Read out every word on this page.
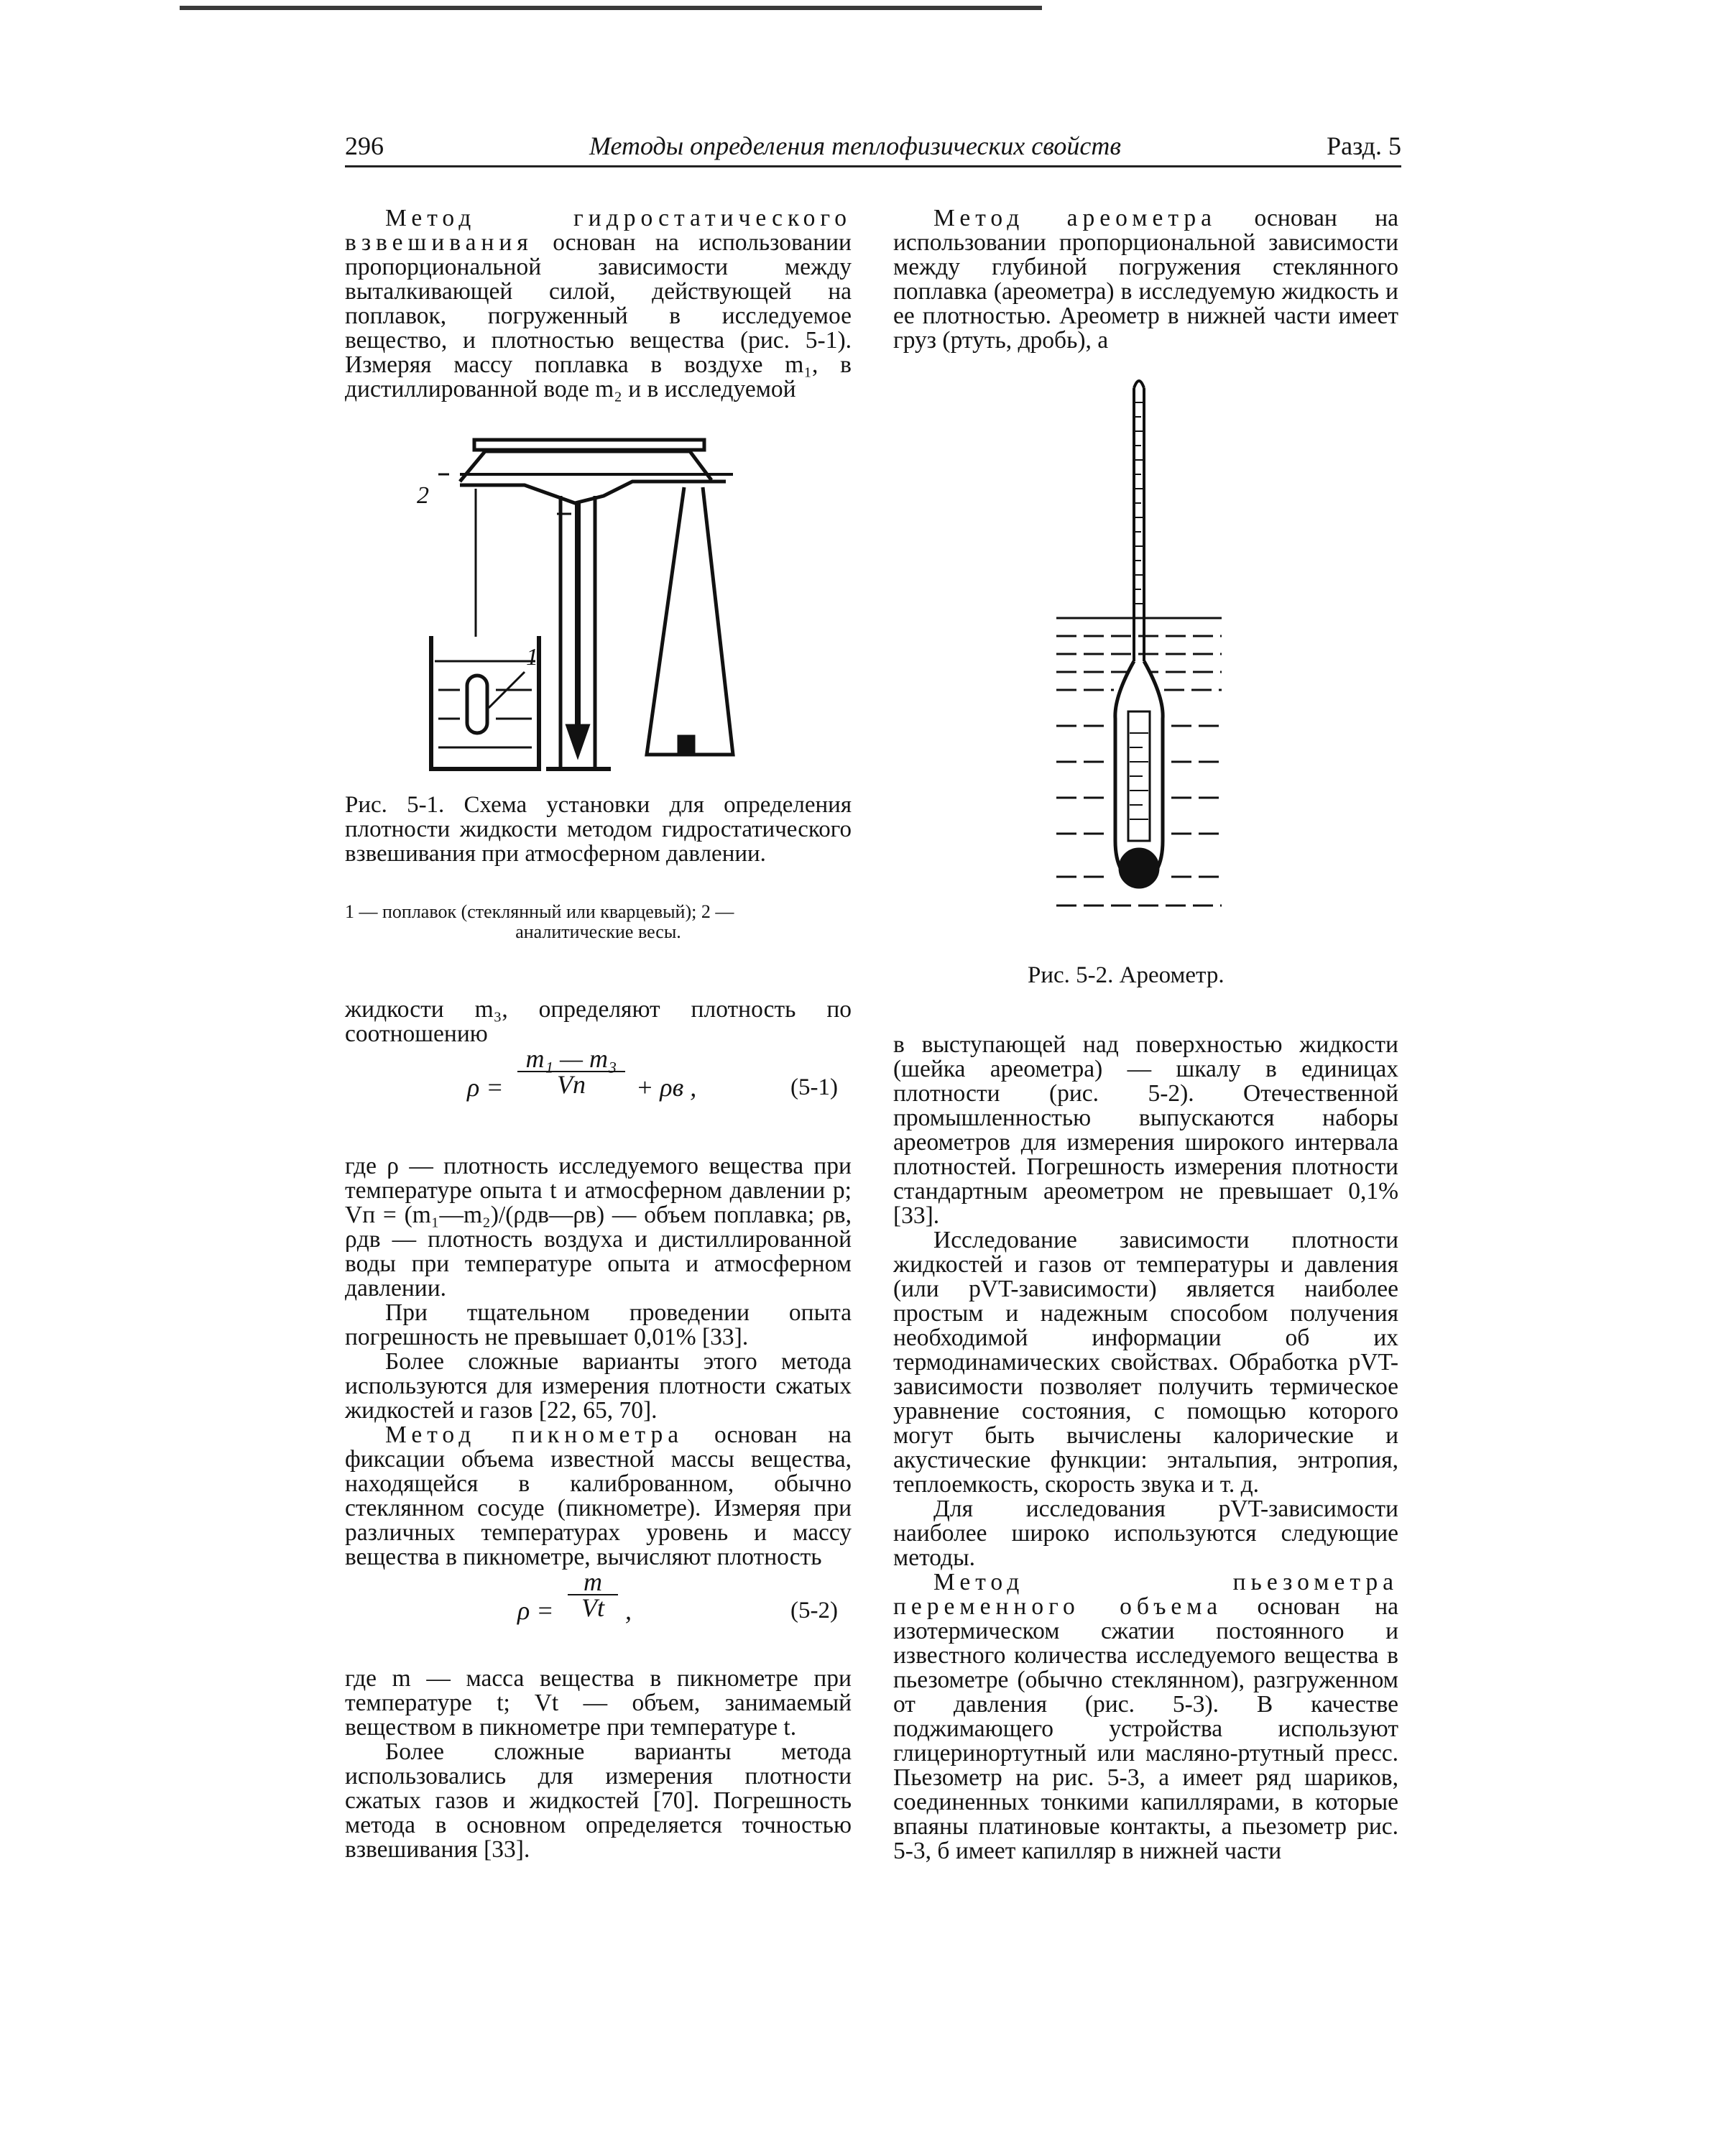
296	Методы определения теплофизических свойств	Разд. 5

Метод гидростатического взвешивания основан на использовании пропорциональной зависимости между выталкивающей силой, действующей на поплавок, погруженный в исследуемое вещество, и плотностью вещества (рис. 5-1). Измеряя массу поплавка в воздухе m₁, в дистиллированной воде m₂ и в исследуемой

2
1
Рис. 5-1. Схема установки для определения плотности жидкости методом гидростатического взвешивания при атмосферном давлении.
1 — поплавок (стеклянный или кварцевый); 2 —
аналитические весы.

жидкости m₃, определяют плотность по соотношению

ρ =
m₁ — m₃
Vп	+ ρв ,	(5-1)

где ρ — плотность исследуемого вещества при температуре опыта t и атмосферном давлении p; Vп = (m₁—m₂)/(ρдв—ρв) — объем поплавка; ρв, ρдв — плотность воздуха и дистиллированной воды при температуре опыта и атмосферном давлении.

При тщательном проведении опыта погрешность не превышает 0,01% [33].

Более сложные варианты этого метода используются для измерения плотности сжатых жидкостей и газов [22, 65, 70].

Метод пикнометра основан на фиксации объема известной массы вещества, находящейся в калиброванном, обычно стеклянном сосуде (пикнометре). Измеряя при различных температурах уровень и массу вещества в пикнометре, вычисляют плотность

$\rho = \frac{m}{Vt}$ ,	(5-2)

где m — масса вещества в пикнометре при температуре t; Vt — объем, занимаемый веществом в пикнометре при температуре t.

Более сложные варианты метода использовались для измерения плотности сжатых газов и жидкостей [70]. Погрешность метода в основном определяется точностью взвешивания [33].

Метод ареометра основан на использовании пропорциональной зависимости между глубиной погружения стеклянного поплавка (ареометра) в исследуемую жидкость и ее плотностью. Ареометр в нижней части имеет груз (ртуть, дробь), а

Рис. 5-2. Ареометр.

в выступающей над поверхностью жидкости (шейка ареометра) — шкалу в единицах плотности (рис. 5-2). Отечественной промышленностью выпускаются наборы ареометров для измерения широкого интервала плотностей. Погрешность измерения плотности стандартным ареометром не превышает 0,1% [33].

Исследование зависимости плотности жидкостей и газов от температуры и давления (или pVT-зависимости) является наиболее простым и надежным способом получения необходимой информации об их термодинамических свойствах. Обработка pVT-зависимости позволяет получить термическое уравнение состояния, с помощью которого могут быть вычислены калорические и акустические функции: энтальпия, энтропия, теплоемкость, скорость звука и т. д.

Для исследования pVT-зависимости наиболее широко используются следующие методы.

Метод пьезометра переменного объема основан на изотермическом сжатии постоянного и известного количества исследуемого вещества в пьезометре (обычно стеклянном), разгруженном от давления (рис. 5-3). В качестве поджимающего устройства используют глицеринортутный или масляно-ртутный пресс. Пьезометр на рис. 5-3, а имеет ряд шариков, соединенных тонкими капиллярами, в которые впаяны платиновые контакты, а пьезометр рис. 5-3, б имеет капилляр в нижней части
